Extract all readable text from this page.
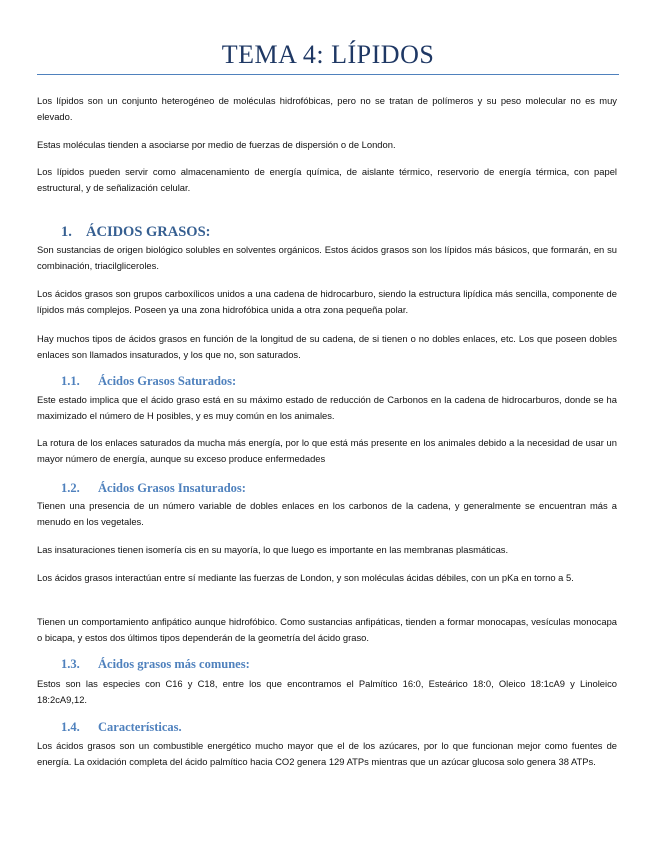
TEMA 4: LÍPIDOS

Los lípidos son un conjunto heterogéneo de moléculas hidrofóbicas, pero no se tratan de polímeros y su peso molecular no es muy elevado.

Estas moléculas tienden a asociarse por medio de fuerzas de dispersión o de London.

Los lípidos pueden servir como almacenamiento de energía química, de aislante térmico, reservorio de energía térmica, con papel estructural, y de señalización celular.

1. ÁCIDOS GRASOS:

Son sustancias de origen biológico solubles en solventes orgánicos. Estos ácidos grasos son los lípidos más básicos, que formarán, en su combinación, triacilgliceroles.

Los ácidos grasos son grupos carboxílicos unidos a una cadena de hidrocarburo, siendo la estructura lipídica más sencilla, componente de lípidos más complejos. Poseen ya una zona hidrofóbica unida a otra zona pequeña polar.

Hay muchos tipos de ácidos grasos en función de la longitud de su cadena, de si tienen o no dobles enlaces, etc. Los que poseen dobles enlaces son llamados insaturados, y los que no, son saturados.

1.1. Ácidos Grasos Saturados:

Este estado implica que el ácido graso está en su máximo estado de reducción de Carbonos en la cadena de hidrocarburos, donde se ha maximizado el número de H posibles, y es muy común en los animales.

La rotura de los enlaces saturados da mucha más energía, por lo que está más presente en los animales debido a la necesidad de usar un mayor número de energía, aunque su exceso produce enfermedades

1.2. Ácidos Grasos Insaturados:

Tienen una presencia de un número variable de dobles enlaces en los carbonos de la cadena, y generalmente se encuentran más a menudo en los vegetales.

Las insaturaciones tienen isomería cis en su mayoría, lo que luego es importante en las membranas plasmáticas.

Los ácidos grasos interactúan entre sí mediante las fuerzas de London, y son moléculas ácidas débiles, con un pKa en torno a 5.

Tienen un comportamiento anfipático aunque hidrofóbico. Como sustancias anfipáticas, tienden a formar monocapas, vesículas monocapa o bicapa, y estos dos últimos tipos dependerán de la geometría del ácido graso.

1.3. Ácidos grasos más comunes:

Estos son las especies con C16 y C18, entre los que encontramos el Palmítico 16:0, Esteárico 18:0, Oleico 18:1cA9 y Linoleico 18:2cA9,12.

1.4. Características.

Los ácidos grasos son un combustible energético mucho mayor que el de los azúcares, por lo que funcionan mejor como fuentes de energía. La oxidación completa del ácido palmítico hacia CO2 genera 129 ATPs mientras que un azúcar glucosa solo genera 38 ATPs.
